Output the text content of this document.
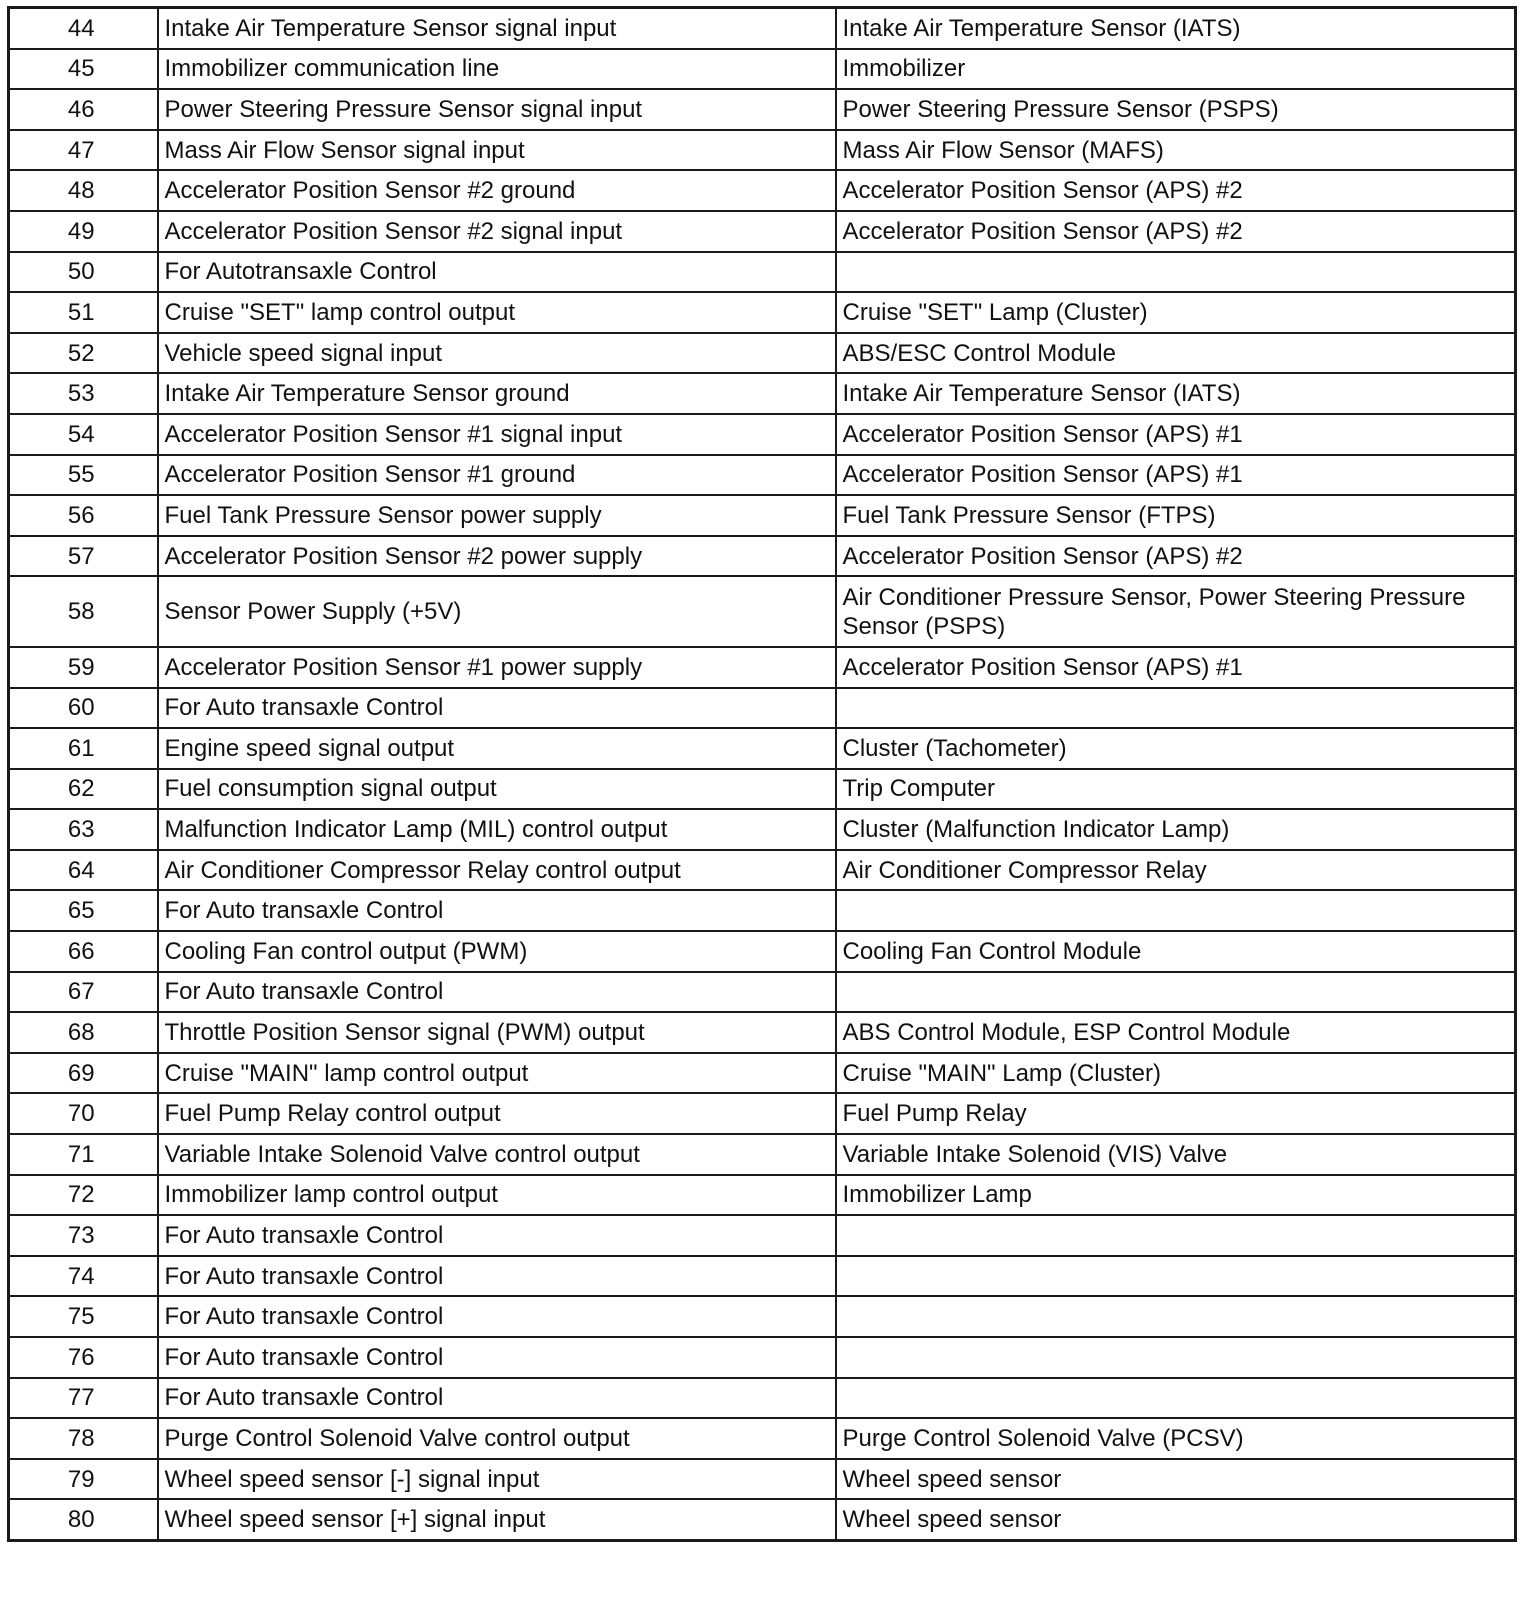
44	Intake Air Temperature Sensor signal input	Intake Air Temperature Sensor (IATS)
45	Immobilizer communication line	Immobilizer
46	Power Steering Pressure Sensor signal input	Power Steering Pressure Sensor (PSPS)
47	Mass Air Flow Sensor signal input	Mass Air Flow Sensor (MAFS)
48	Accelerator Position Sensor #2 ground	Accelerator Position Sensor (APS) #2
49	Accelerator Position Sensor #2 signal input	Accelerator Position Sensor (APS) #2
50	For Autotransaxle Control	
51	Cruise "SET" lamp control output	Cruise "SET" Lamp (Cluster)
52	Vehicle speed signal input	ABS/ESC Control Module
53	Intake Air Temperature Sensor ground	Intake Air Temperature Sensor (IATS)
54	Accelerator Position Sensor #1 signal input	Accelerator Position Sensor (APS) #1
55	Accelerator Position Sensor #1 ground	Accelerator Position Sensor (APS) #1
56	Fuel Tank Pressure Sensor power supply	Fuel Tank Pressure Sensor (FTPS)
57	Accelerator Position Sensor #2 power supply	Accelerator Position Sensor (APS) #2
58	Sensor Power Supply (+5V)	Air Conditioner Pressure Sensor, Power Steering Pressure Sensor (PSPS)
59	Accelerator Position Sensor #1 power supply	Accelerator Position Sensor (APS) #1
60	For Auto transaxle Control	
61	Engine speed signal output	Cluster (Tachometer)
62	Fuel consumption signal output	Trip Computer
63	Malfunction Indicator Lamp (MIL) control output	Cluster (Malfunction Indicator Lamp)
64	Air Conditioner Compressor Relay control output	Air Conditioner Compressor Relay
65	For Auto transaxle Control	
66	Cooling Fan control output (PWM)	Cooling Fan Control Module
67	For Auto transaxle Control	
68	Throttle Position Sensor signal (PWM) output	ABS Control Module, ESP Control Module
69	Cruise "MAIN" lamp control output	Cruise "MAIN" Lamp (Cluster)
70	Fuel Pump Relay control output	Fuel Pump Relay
71	Variable Intake Solenoid Valve control output	Variable Intake Solenoid (VIS) Valve
72	Immobilizer lamp control output	Immobilizer Lamp
73	For Auto transaxle Control	
74	For Auto transaxle Control	
75	For Auto transaxle Control	
76	For Auto transaxle Control	
77	For Auto transaxle Control	
78	Purge Control Solenoid Valve control output	Purge Control Solenoid Valve (PCSV)
79	Wheel speed sensor [-] signal input	Wheel speed sensor
80	Wheel speed sensor [+] signal input	Wheel speed sensor
